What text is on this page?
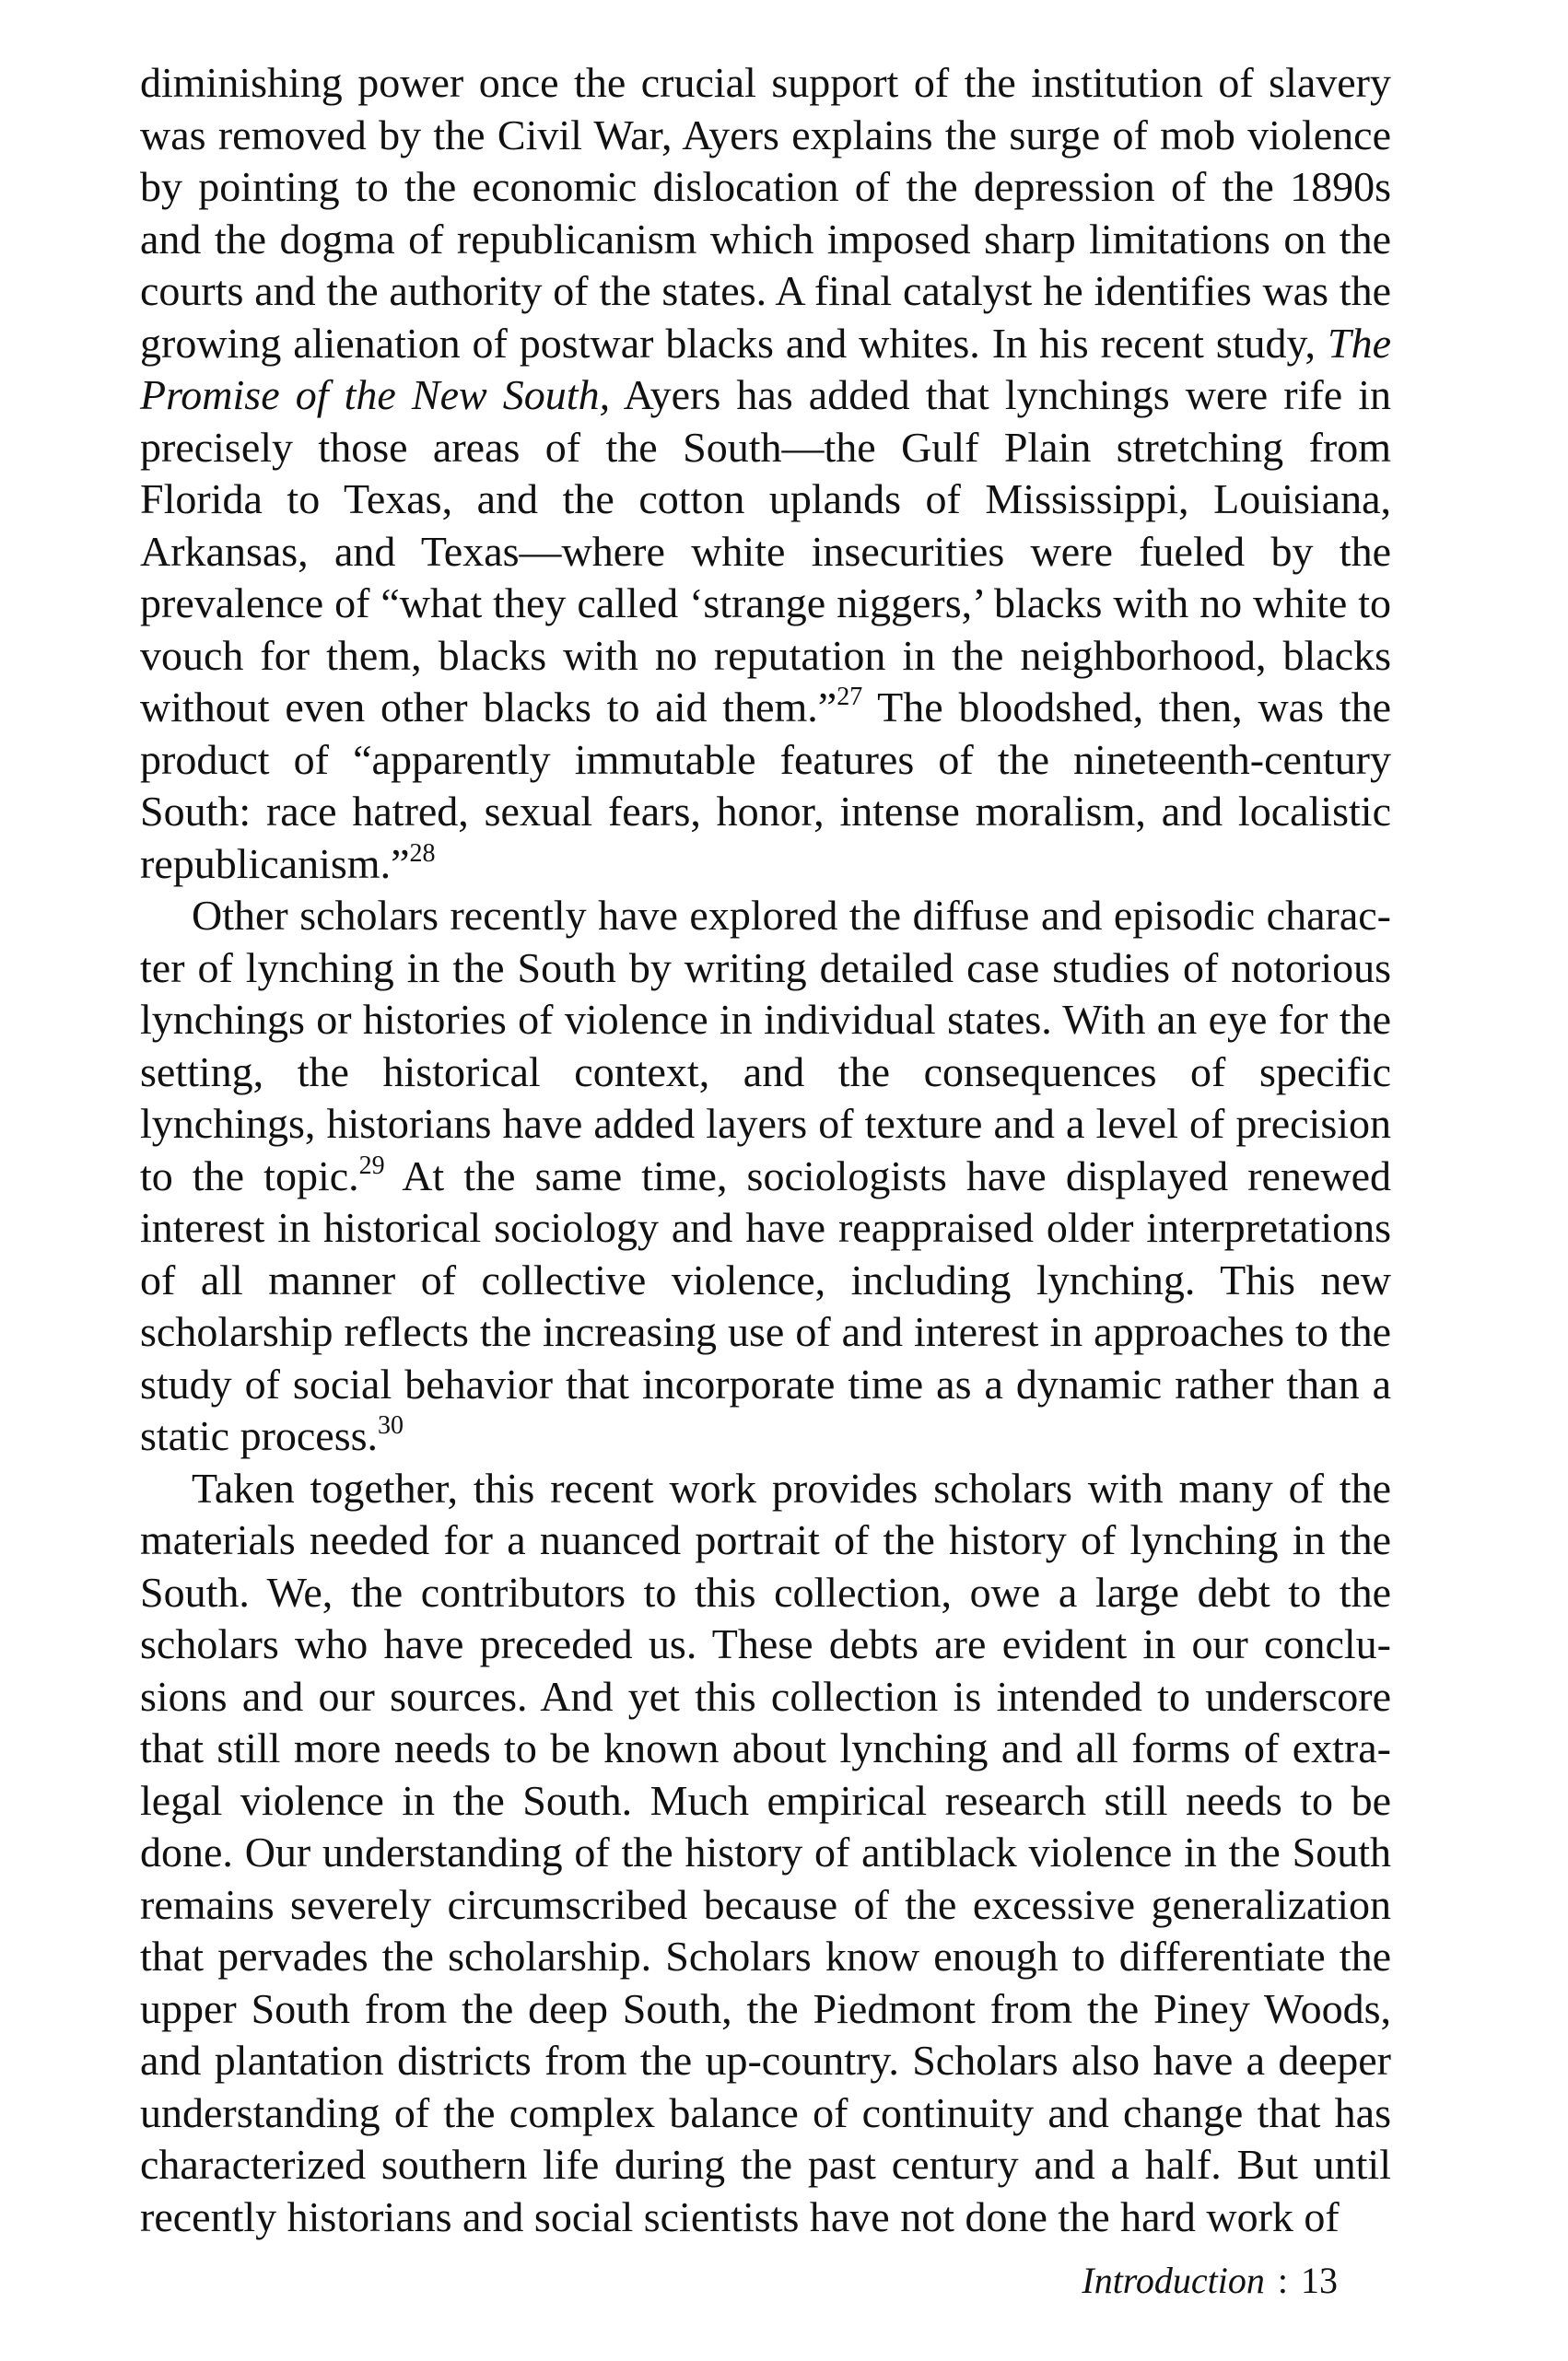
diminishing power once the crucial support of the institution of slavery was removed by the Civil War, Ayers explains the surge of mob violence by pointing to the economic dislocation of the depression of the 1890s and the dogma of republicanism which imposed sharp limitations on the courts and the authority of the states. A final catalyst he identifies was the growing alienation of postwar blacks and whites. In his recent study, The Promise of the New South, Ayers has added that lynchings were rife in precisely those areas of the South—the Gulf Plain stretching from Florida to Texas, and the cotton uplands of Mississippi, Louisiana, Arkansas, and Texas—where white insecurities were fueled by the prevalence of “what they called ‘strange niggers,’ blacks with no white to vouch for them, blacks with no reputation in the neighborhood, blacks without even other blacks to aid them.”$^{27}$ The bloodshed, then, was the product of “apparently immutable features of the nineteenth-century South: race hatred, sexual fears, honor, intense moralism, and localistic republicanism.”$^{28}$

Other scholars recently have explored the diffuse and episodic character of lynching in the South by writing detailed case studies of notorious lynchings or histories of violence in individual states. With an eye for the setting, the historical context, and the consequences of specific lynchings, historians have added layers of texture and a level of precision to the topic.$^{29}$ At the same time, sociologists have displayed renewed interest in historical sociology and have reappraised older interpretations of all manner of collective violence, including lynching. This new scholarship reflects the increasing use of and interest in approaches to the study of social behavior that incorporate time as a dynamic rather than a static process.$^{30}$

Taken together, this recent work provides scholars with many of the materials needed for a nuanced portrait of the history of lynching in the South. We, the contributors to this collection, owe a large debt to the scholars who have preceded us. These debts are evident in our conclusions and our sources. And yet this collection is intended to underscore that still more needs to be known about lynching and all forms of extralegal violence in the South. Much empirical research still needs to be done. Our understanding of the history of antiblack violence in the South remains severely circumscribed because of the excessive generalization that pervades the scholarship. Scholars know enough to differentiate the upper South from the deep South, the Piedmont from the Piney Woods, and plantation districts from the up-country. Scholars also have a deeper understanding of the complex balance of continuity and change that has characterized southern life during the past century and a half. But until recently historians and social scientists have not done the hard work of

Introduction : 13
